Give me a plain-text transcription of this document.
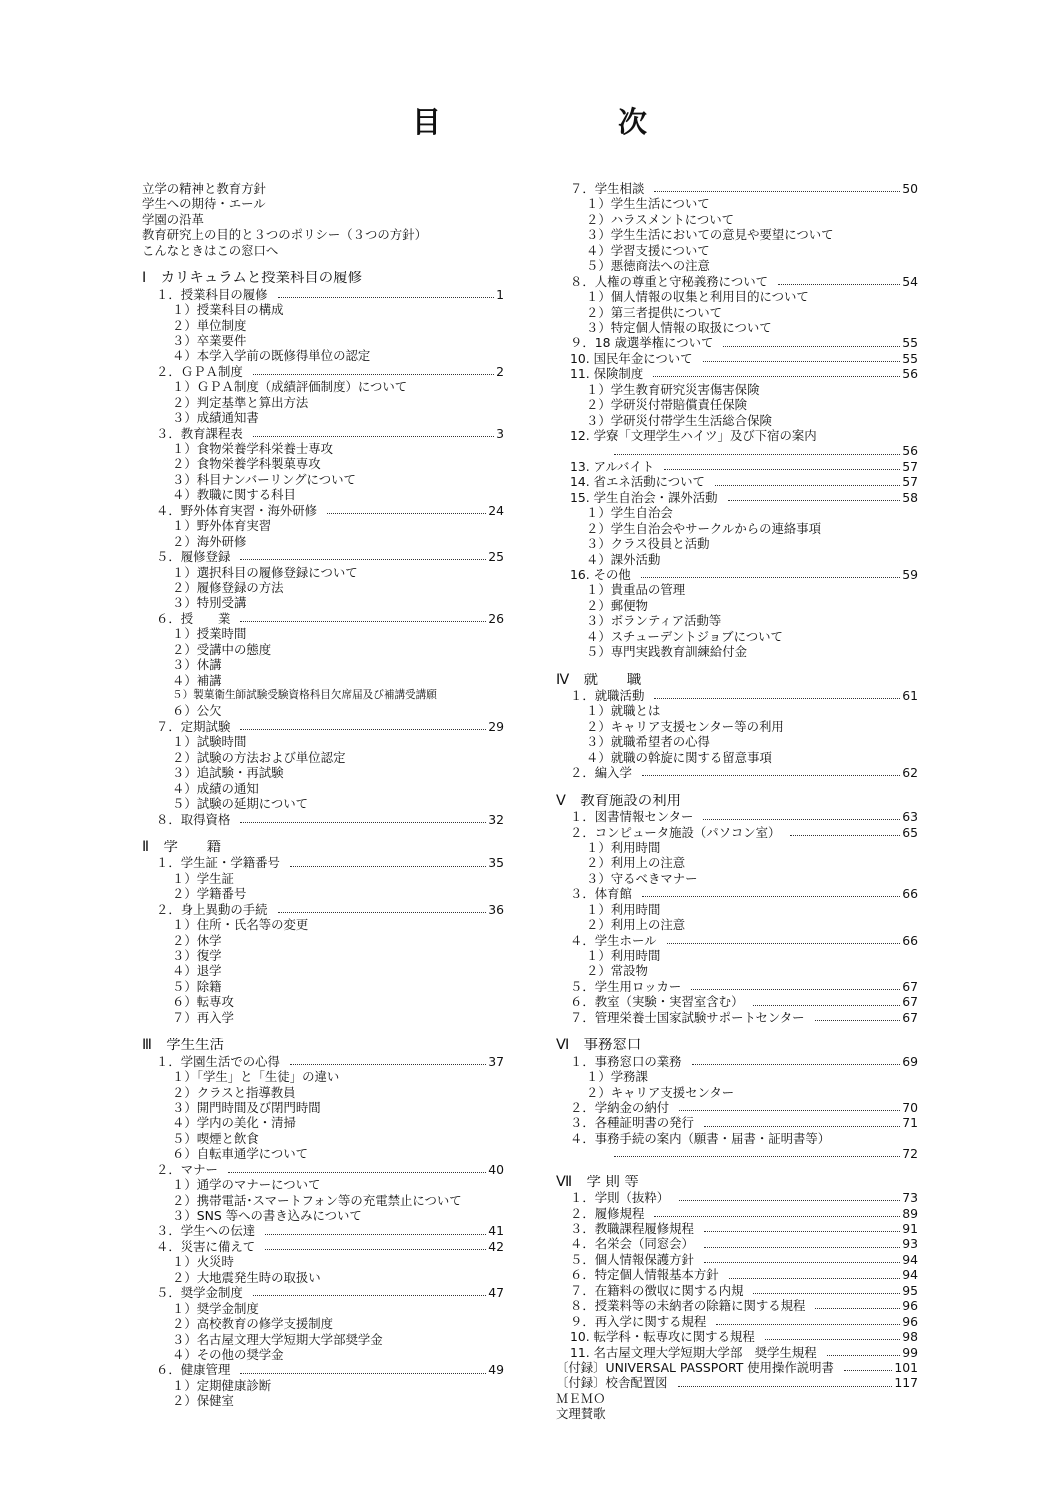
目	次
立学の精神と教育方針
学生への期待・エール
学園の沿革
教育研究上の目的と３つのポリシー（３つの方針）
こんなときはこの窓口へ
Ⅰ　カリキュラムと授業科目の履修
１．授業科目の履修	1
１）授業科目の構成
２）単位制度
３）卒業要件
４）本学入学前の既修得単位の認定
２．ＧＰＡ制度	2
１）ＧＰＡ制度（成績評価制度）について
２）判定基準と算出方法
３）成績通知書
３．教育課程表	3
１）食物栄養学科栄養士専攻
２）食物栄養学科製菓専攻
３）科目ナンバーリングについて
４）教職に関する科目
４．野外体育実習・海外研修	24
１）野外体育実習
２）海外研修
５．履修登録	25
１）選択科目の履修登録について
２）履修登録の方法
３）特別受講
６．授　　業	26
１）授業時間
２）受講中の態度
３）休講
４）補講
５）製菓衛生師試験受験資格科目欠席届及び補講受講願
６）公欠
７．定期試験	29
１）試験時間
２）試験の方法および単位認定
３）追試験・再試験
４）成績の通知
５）試験の延期について
８．取得資格	32
Ⅱ　学　　籍
１．学生証・学籍番号	35
１）学生証
２）学籍番号
２．身上異動の手続	36
１）住所・氏名等の変更
２）休学
３）復学
４）退学
５）除籍
６）転専攻
７）再入学
Ⅲ　学生生活
１．学園生活での心得	37
１）「学生」と「生徒」の違い
２）クラスと指導教員
３）開門時間及び閉門時間
４）学内の美化・清掃
５）喫煙と飲食
６）自転車通学について
２．マナー	40
１）通学のマナーについて
２）携帯電話･スマートフォン等の充電禁止について
３）SNS 等への書き込みについて
３．学生への伝達	41
４．災害に備えて	42
１）火災時
２）大地震発生時の取扱い
５．奨学金制度	47
１）奨学金制度
２）高校教育の修学支援制度
３）名古屋文理大学短期大学部奨学金
４）その他の奨学金
６．健康管理	49
１）定期健康診断
２）保健室
７．学生相談	50
１）学生生活について
２）ハラスメントについて
３）学生生活においての意見や要望について
４）学習支援について
５）悪徳商法への注意
８．人権の尊重と守秘義務について	54
１）個人情報の収集と利用目的について
２）第三者提供について
３）特定個人情報の取扱について
９．18 歳選挙権について	55
10. 国民年金について	55
11. 保険制度	56
１）学生教育研究災害傷害保険
２）学研災付帯賠償責任保険
３）学研災付帯学生生活総合保険
12. 学寮「文理学生ハイツ」及び下宿の案内
56
13. アルバイト	57
14. 省エネ活動について	57
15. 学生自治会・課外活動	58
１）学生自治会
２）学生自治会やサークルからの連絡事項
３）クラス役員と活動
４）課外活動
16. その他	59
１）貴重品の管理
２）郵便物
３）ボランティア活動等
４）スチューデントジョブについて
５）専門実践教育訓練給付金
Ⅳ　就　　職
１．就職活動	61
１）就職とは
２）キャリア支援センター等の利用
３）就職希望者の心得
４）就職の斡旋に関する留意事項
２．編入学	62
Ⅴ　教育施設の利用
１．図書情報センター	63
２．コンピュータ施設（パソコン室）	65
１）利用時間
２）利用上の注意
３）守るべきマナー
３．体育館	66
１）利用時間
２）利用上の注意
４．学生ホール	66
１）利用時間
２）常設物
５．学生用ロッカー	67
６．教室（実験・実習室含む）	67
７．管理栄養士国家試験サポートセンター	67
Ⅵ　事務窓口
１．事務窓口の業務	69
１）学務課
２）キャリア支援センター
２．学納金の納付	70
３．各種証明書の発行	71
４．事務手続の案内（願書・届書・証明書等）
72
Ⅶ　学 則 等
１．学則（抜粋）	73
２．履修規程	89
３．教職課程履修規程	91
４．名栄会（同窓会）	93
５．個人情報保護方針	94
６．特定個人情報基本方針	94
７．在籍料の徴収に関する内規	95
８．授業料等の未納者の除籍に関する規程	96
９．再入学に関する規程	96
10. 転学科・転専攻に関する規程	98
11. 名古屋文理大学短期大学部　奨学生規程	99
〔付録〕UNIVERSAL PASSPORT 使用操作説明書	101
〔付録〕校舎配置図	117
ＭＥＭＯ
文理賛歌
